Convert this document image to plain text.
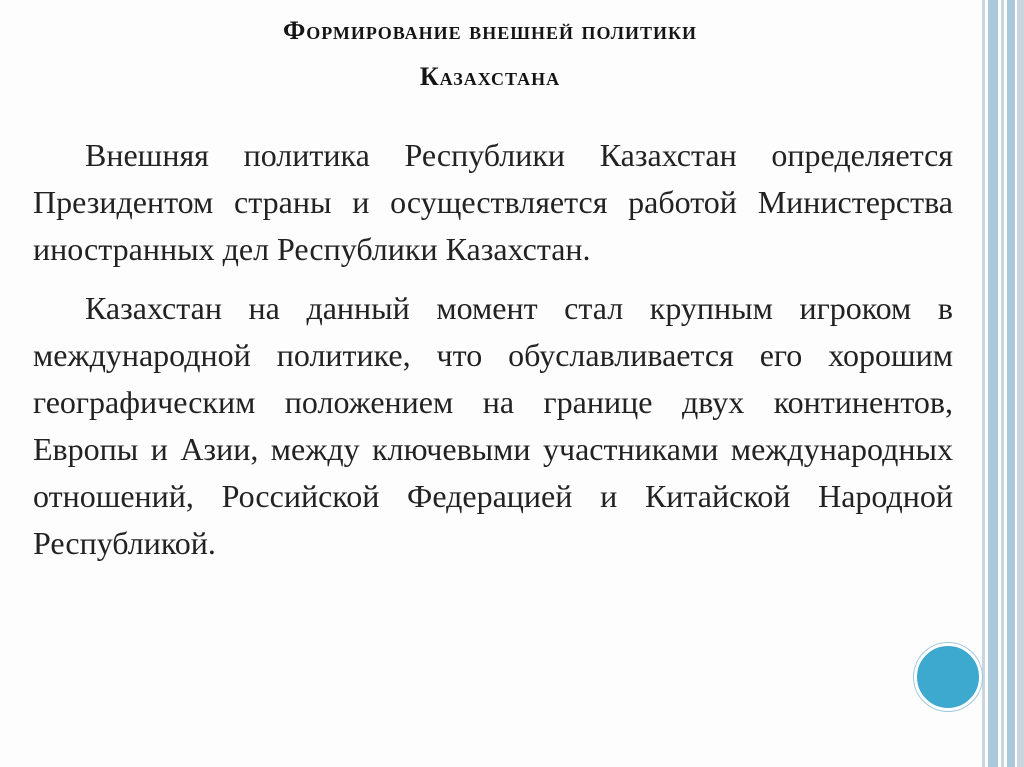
Формирование внешней политики
Казахстана

Внешняя политика Республики Казахстан определяется Президентом страны и осуществляется работой Министерства иностранных дел Республики Казахстан.

Казахстан на данный момент стал крупным игроком в международной политике, что обуславливается его хорошим географическим положением на границе двух континентов, Европы и Азии, между ключевыми участниками международных отношений, Российской Федерацией и Китайской Народной Республикой.
